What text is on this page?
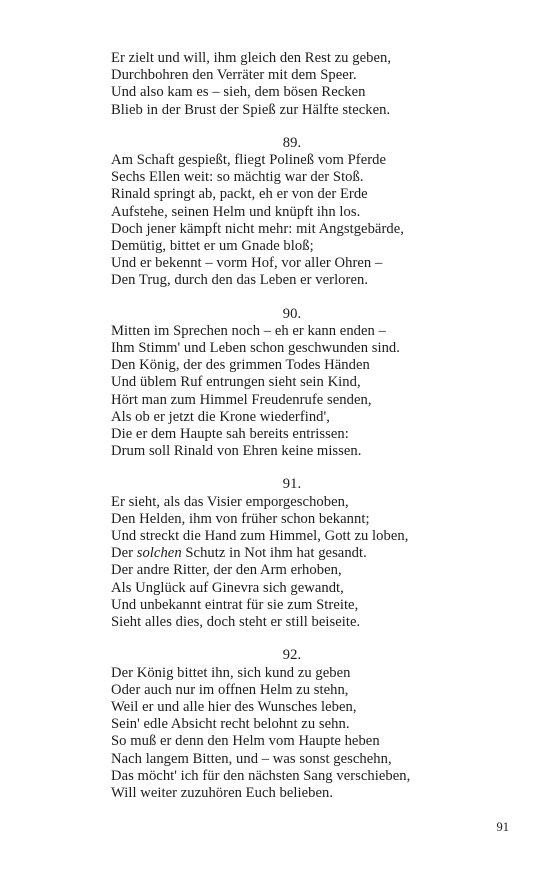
Er zielt und will, ihm gleich den Rest zu geben,
Durchbohren den Verräter mit dem Speer.
Und also kam es – sieh, dem bösen Recken
Blieb in der Brust der Spieß zur Hälfte stecken.
89.
Am Schaft gespießt, fliegt Polineß vom Pferde
Sechs Ellen weit: so mächtig war der Stoß.
Rinald springt ab, packt, eh er von der Erde
Aufstehe, seinen Helm und knüpft ihn los.
Doch jener kämpft nicht mehr: mit Angstgebärde,
Demütig, bittet er um Gnade bloß;
Und er bekennt – vorm Hof, vor aller Ohren –
Den Trug, durch den das Leben er verloren.
90.
Mitten im Sprechen noch – eh er kann enden –
Ihm Stimm' und Leben schon geschwunden sind.
Den König, der des grimmen Todes Händen
Und üblem Ruf entrungen sieht sein Kind,
Hört man zum Himmel Freudenrufe senden,
Als ob er jetzt die Krone wiederfind',
Die er dem Haupte sah bereits entrissen:
Drum soll Rinald von Ehren keine missen.
91.
Er sieht, als das Visier emporgeschoben,
Den Helden, ihm von früher schon bekannt;
Und streckt die Hand zum Himmel, Gott zu loben,
Der solchen Schutz in Not ihm hat gesandt.
Der andre Ritter, der den Arm erhoben,
Als Unglück auf Ginevra sich gewandt,
Und unbekannt eintrat für sie zum Streite,
Sieht alles dies, doch steht er still beiseite.
92.
Der König bittet ihn, sich kund zu geben
Oder auch nur im offnen Helm zu stehn,
Weil er und alle hier des Wunsches leben,
Sein' edle Absicht recht belohnt zu sehn.
So muß er denn den Helm vom Haupte heben
Nach langem Bitten, und – was sonst geschehn,
Das möcht' ich für den nächsten Sang verschieben,
Will weiter zuzuhören Euch belieben.
91
